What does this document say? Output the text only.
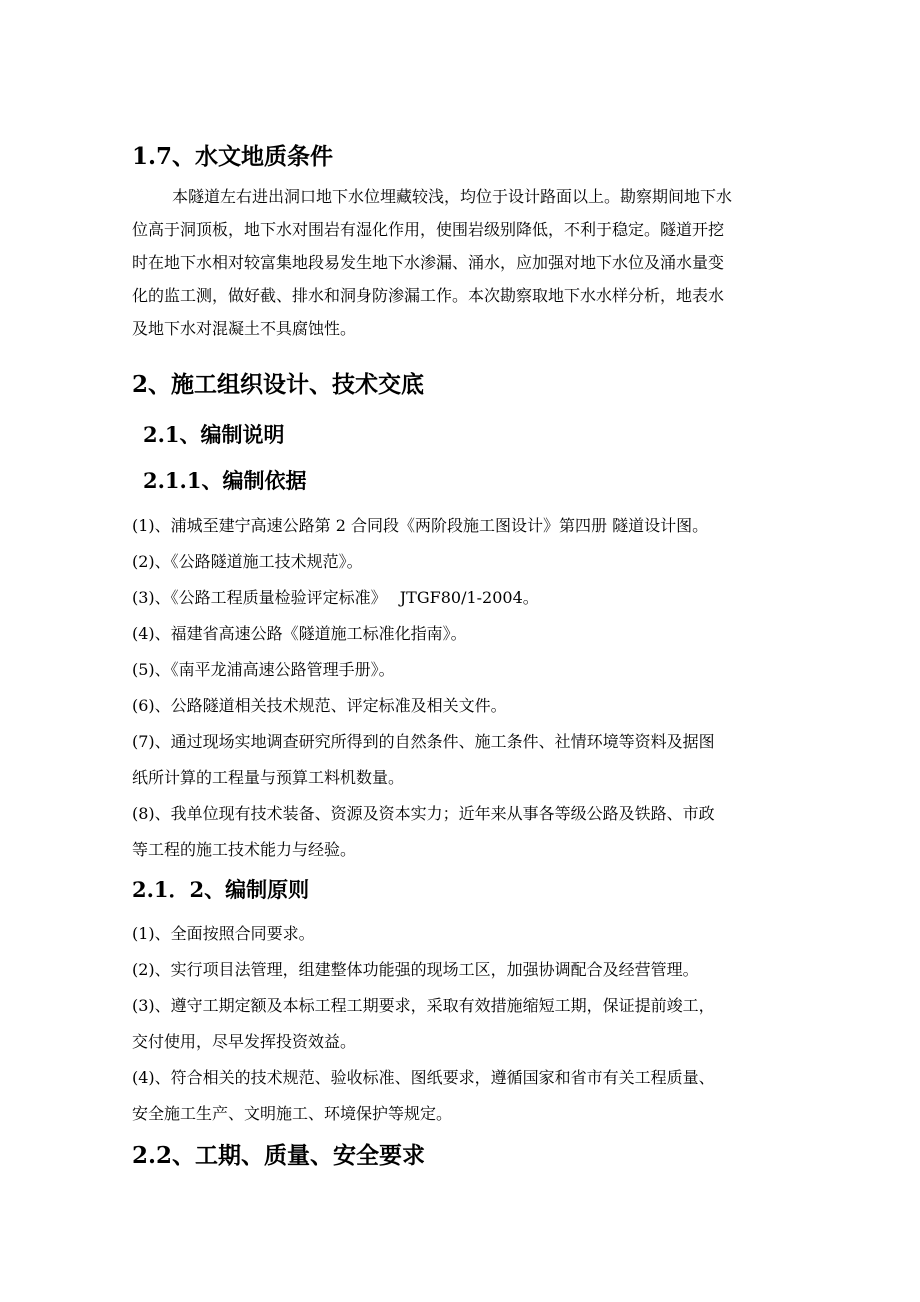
1.7、水文地质条件
本隧道左右进出洞口地下水位埋藏较浅，均位于设计路面以上。勘察期间地下水
位高于洞顶板，地下水对围岩有湿化作用，使围岩级别降低，不利于稳定。隧道开挖
时在地下水相对较富集地段易发生地下水渗漏、涌水，应加强对地下水位及涌水量变
化的监工测，做好截、排水和洞身防渗漏工作。本次勘察取地下水水样分析，地表水
及地下水对混凝土不具腐蚀性。
2、施工组织设计、技术交底
2.1、编制说明
2.1.1、编制依据
(1)、浦城至建宁高速公路第 2 合同段《两阶段施工图设计》第四册 隧道设计图。
(2)、《公路隧道施工技术规范》。
(3)、《公路工程质量检验评定标准》　 JTGF80/1-2004。
(4)、福建省高速公路《隧道施工标准化指南》。
(5)、《南平龙浦高速公路管理手册》。
(6)、公路隧道相关技术规范、评定标准及相关文件。
(7)、通过现场实地调查研究所得到的自然条件、施工条件、社情环境等资料及据图
纸所计算的工程量与预算工料机数量。
(8)、我单位现有技术装备、资源及资本实力；近年来从事各等级公路及铁路、市政
等工程的施工技术能力与经验。
2.1．2、编制原则
(1)、全面按照合同要求。
(2)、实行项目法管理，组建整体功能强的现场工区，加强协调配合及经营管理。
(3)、遵守工期定额及本标工程工期要求，采取有效措施缩短工期，保证提前竣工，
交付使用，尽早发挥投资效益。
(4)、符合相关的技术规范、验收标准、图纸要求，遵循国家和省市有关工程质量、
安全施工生产、文明施工、环境保护等规定。
2.2、工期、质量、安全要求
